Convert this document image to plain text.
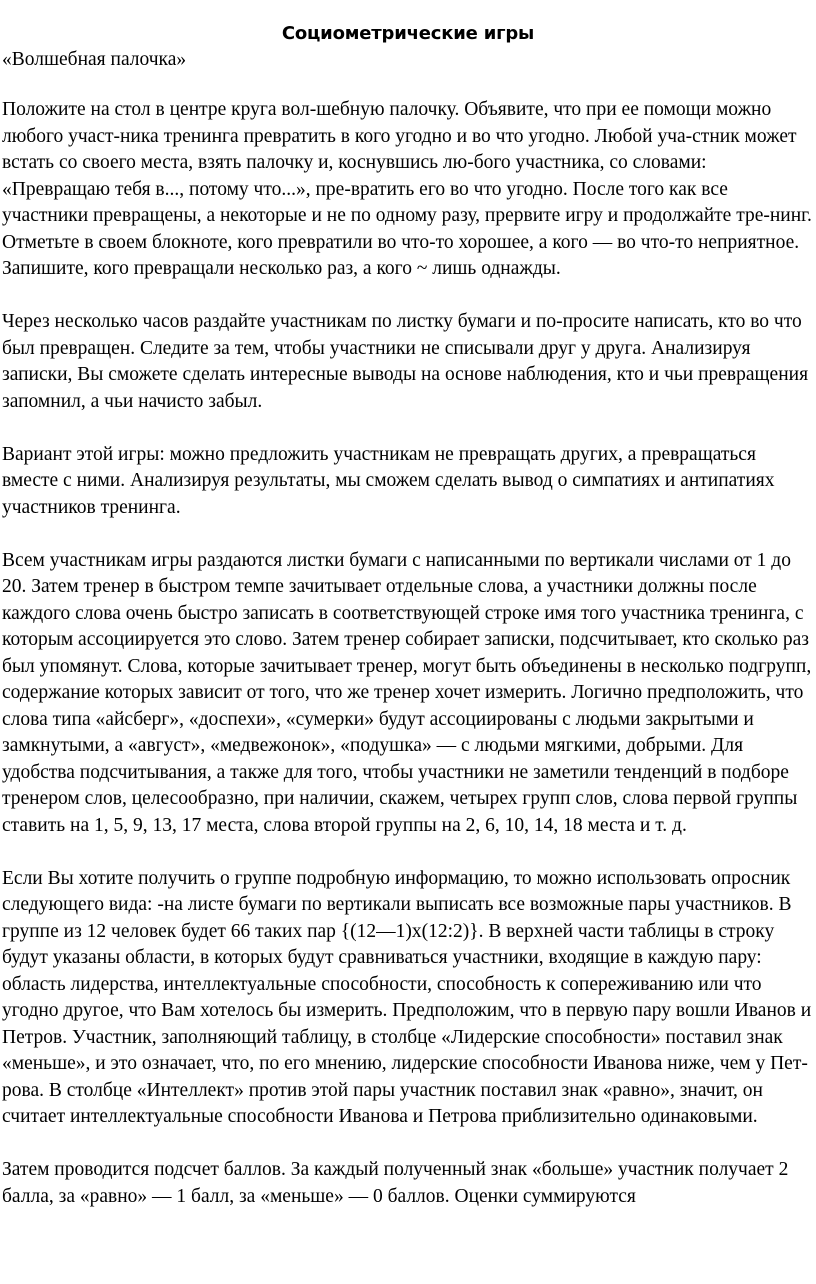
Социометрические игры

«Волшебная палочка»

Положите на стол в центре круга вол-шебную палочку. Объявите, что при ее помощи можно любого участ-ника тренинга превратить в кого угодно и во что угодно. Любой уча-стник может встать со своего места, взять палочку и, коснувшись лю-бого участника, со словами: «Превращаю тебя в..., потому что...», пре-вратить его во что угодно. После того как все участники превращены, а некоторые и не по одному разу, прервите игру и продолжайте тре-нинг. Отметьте в своем блокноте, кого превратили во что-то хорошее, а кого — во что-то неприятное. Запишите, кого превращали несколько раз, а кого ~ лишь однажды.

Через несколько часов раздайте участникам по листку бумаги и по-просите написать, кто во что был превращен. Следите за тем, чтобы участники не списывали друг у друга. Анализируя записки, Вы сможете сделать интересные выводы на основе наблюдения, кто и чьи превращения запомнил, а чьи начисто забыл.

Вариант этой игры: можно предложить участникам не превращать других, а превращаться вместе с ними. Анализируя результаты, мы сможем сделать вывод о симпатиях и антипатиях участников тренинга.

Всем участникам игры раздаются листки бумаги с написанными по вертикали числами от 1 до 20. Затем тренер в быстром темпе зачитывает отдельные слова, а участники должны после каждого слова очень быстро записать в соответствующей строке имя того участника тренинга, с которым ассоциируется это слово. Затем тренер собирает записки, подсчитывает, кто сколько раз был упомянут. Слова, которые зачитывает тренер, могут быть объединены в несколько подгрупп, содержание которых зависит от того, что же тренер хочет измерить. Логично предположить, что слова типа «айсберг», «доспехи», «сумерки» будут ассоциированы с людьми закрытыми и замкнутыми, а «август», «медвежонок», «подушка» — с людьми мягкими, добрыми. Для удобства подсчитывания, а также для того, чтобы участники не заметили тенденций в подборе тренером слов, целесообразно, при наличии, скажем, четырех групп слов, слова первой группы ставить на 1, 5, 9, 13, 17 места, слова второй группы на 2, 6, 10, 14, 18 места и т. д.

Если Вы хотите получить о группе подробную информацию, то можно использовать опросник следующего вида: -на листе бумаги по вертикали выписать все возможные пары участников. В группе из 12 человек будет 66 таких пар {(12—1)x(12:2)}. В верхней части таблицы в строку будут указаны области, в которых будут сравниваться участники, входящие в каждую пару: область лидерства, интеллектуальные способности, способность к сопереживанию или что угодно другое, что Вам хотелось бы измерить. Предположим, что в первую пару вошли Иванов и Петров. Участник, заполняющий таблицу, в столбце «Лидерские способности» поставил знак «меньше», и это означает, что, по его мнению, лидерские способности Иванова ниже, чем у Пет-рова. В столбце «Интеллект» против этой пары участник поставил знак «равно», значит, он считает интеллектуальные способности Иванова и Петрова приблизительно одинаковыми.

Затем проводится подсчет баллов. За каждый полученный знак «больше» участник получает 2 балла, за «равно» — 1 балл, за «меньше» — 0 баллов. Оценки суммируются
